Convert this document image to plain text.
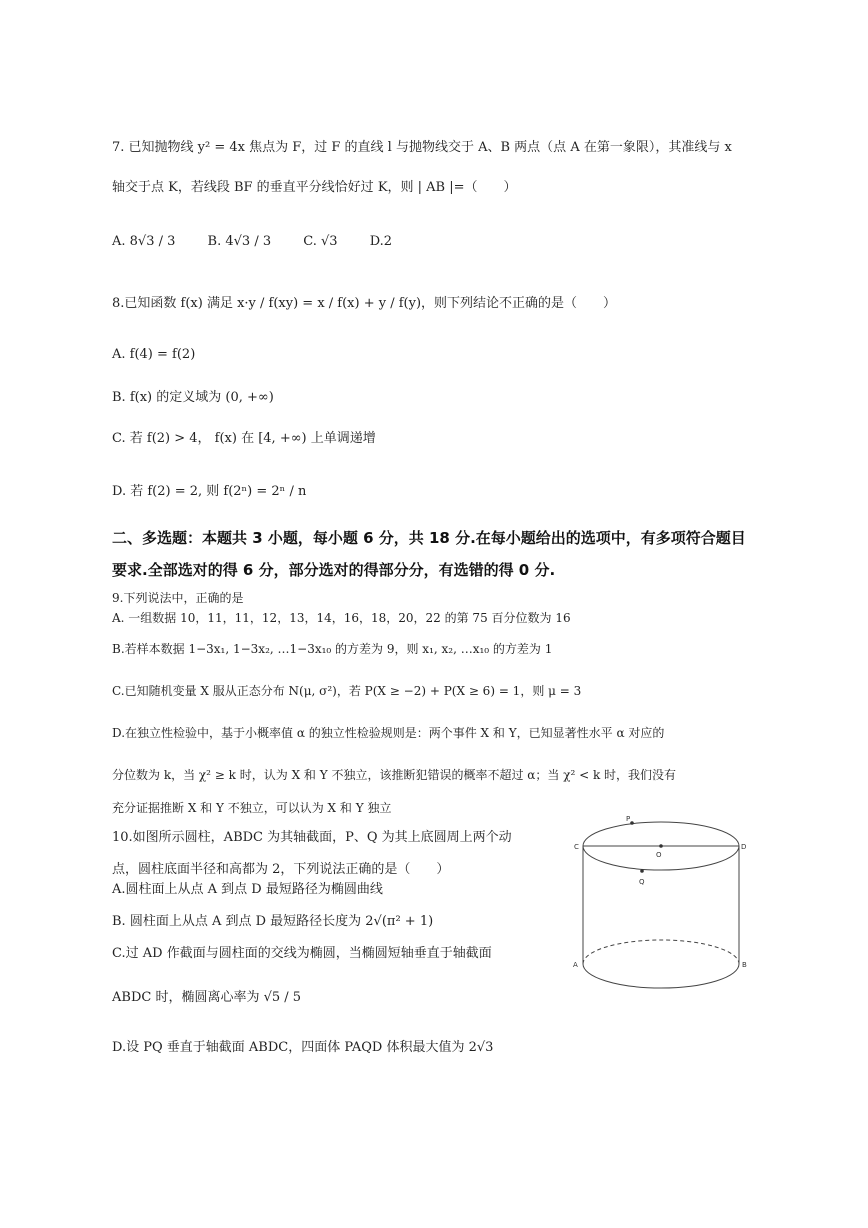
7. 已知抛物线 y² = 4x 焦点为 F，过 F 的直线 l 与抛物线交于 A、B 两点（点 A 在第一象限），其准线与 x
轴交于点 K，若线段 BF 的垂直平分线恰好过 K，则 | AB |=（　　）
A. 8√3 / 3 B. 4√3 / 3 C. √3 D.2
8.已知函数 f(x) 满足 x·y / f(xy) = x / f(x) + y / f(y)，则下列结论不正确的是（　　）
A. f(4) = f(2)
B. f(x) 的定义域为 (0, +∞)
C. 若 f(2) > 4， f(x) 在 [4, +∞) 上单调递增
D. 若 f(2) = 2, 则 f(2ⁿ) = 2ⁿ / n
二、多选题：本题共 3 小题，每小题 6 分，共 18 分.在每小题给出的选项中，有多项符合题目
要求.全部选对的得 6 分，部分选对的得部分分，有选错的得 0 分.
9.下列说法中，正确的是
A. 一组数据 10，11，11，12，13，14，16，18，20，22 的第 75 百分位数为 16
B.若样本数据 1−3x₁, 1−3x₂, …1−3x₁₀ 的方差为 9，则 x₁, x₂, …x₁₀ 的方差为 1
C.已知随机变量 X 服从正态分布 N(μ, σ²)，若 P(X ≥ −2) + P(X ≥ 6) = 1，则 μ = 3
D.在独立性检验中，基于小概率值 α 的独立性检验规则是：两个事件 X 和 Y，已知显著性水平 α 对应的
分位数为 k，当 χ² ≥ k 时，认为 X 和 Y 不独立，该推断犯错误的概率不超过 α；当 χ² < k 时，我们没有
充分证据推断 X 和 Y 不独立，可以认为 X 和 Y 独立
10.如图所示圆柱，ABDC 为其轴截面，P、Q 为其上底圆周上两个动
点，圆柱底面半径和高都为 2，下列说法正确的是（　　）
A.圆柱面上从点 A 到点 D 最短路径为椭圆曲线
B. 圆柱面上从点 A 到点 D 最短路径长度为 2√(π² + 1)
C.过 AD 作截面与圆柱面的交线为椭圆，当椭圆短轴垂直于轴截面
ABDC 时，椭圆离心率为 √5 / 5
D.设 PQ 垂直于轴截面 ABDC，四面体 PAQD 体积最大值为 2√3
P
C	D
O
Q
A	B
